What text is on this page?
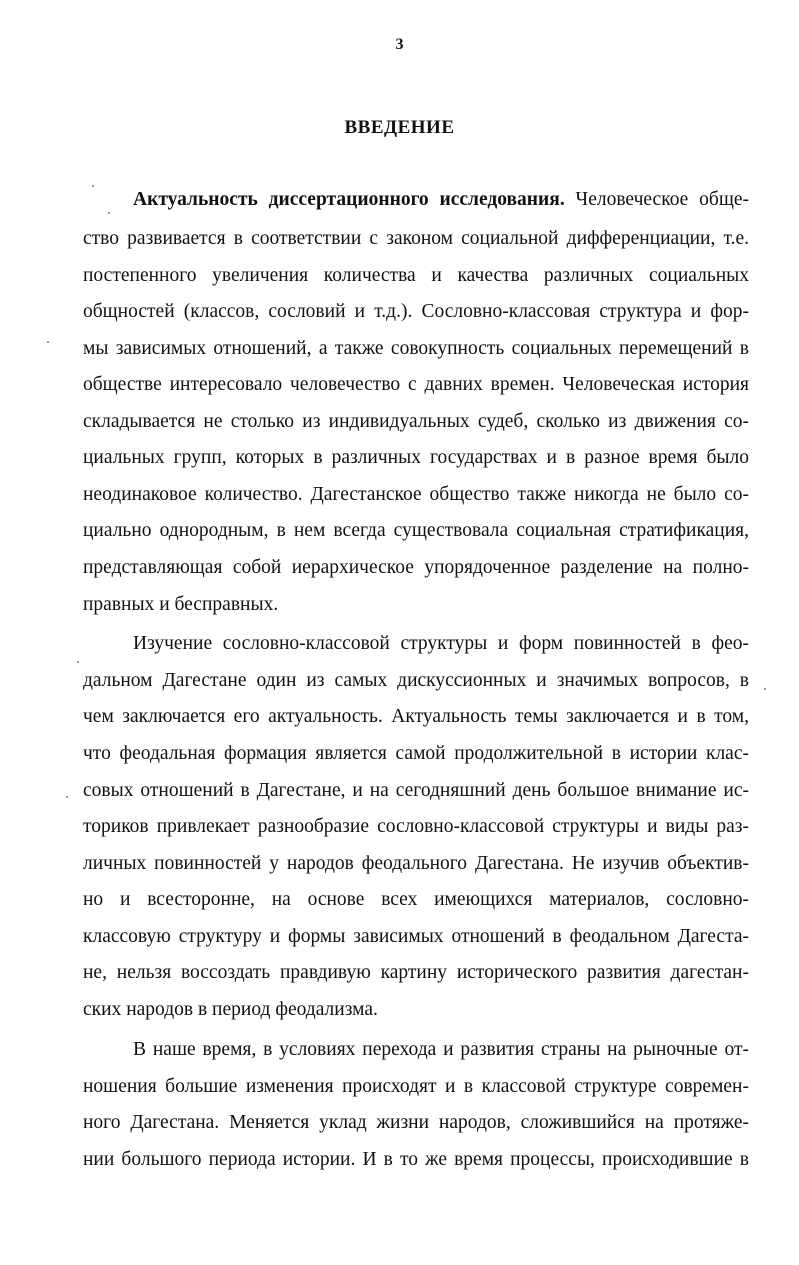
3
ВВЕДЕНИЕ
Актуальность диссертационного исследования. Человеческое обще-
ство развивается в соответствии с законом социальной дифференциации, т.е.
постепенного увеличения количества и качества различных социальных
общностей (классов, сословий и т.д.). Сословно-классовая структура и фор-
мы зависимых отношений, а также совокупность социальных перемещений в
обществе интересовало человечество с давних времен. Человеческая история
складывается не столько из индивидуальных судеб, сколько из движения со-
циальных групп, которых в различных государствах и в разное время было
неодинаковое количество. Дагестанское общество также никогда не было со-
циально однородным, в нем всегда существовала социальная стратификация,
представляющая собой иерархическое упорядоченное разделение на полно-
правных и бесправных.
Изучение сословно-классовой структуры и форм повинностей в фео-
дальном Дагестане один из самых дискуссионных и значимых вопросов, в
чем заключается его актуальность. Актуальность темы заключается и в том,
что феодальная формация является самой продолжительной в истории клас-
совых отношений в Дагестане, и на сегодняшний день большое внимание ис-
ториков привлекает разнообразие сословно-классовой структуры и виды раз-
личных повинностей у народов феодального Дагестана. Не изучив объектив-
но и всесторонне, на основе всех имеющихся материалов, сословно-
классовую структуру и формы зависимых отношений в феодальном Дагеста-
не, нельзя воссоздать правдивую картину исторического развития дагестан-
ских народов в период феодализма.
В наше время, в условиях перехода и развития страны на рыночные от-
ношения большие изменения происходят и в классовой структуре современ-
ного Дагестана. Меняется уклад жизни народов, сложившийся на протяже-
нии большого периода истории. И в то же время процессы, происходившие в
